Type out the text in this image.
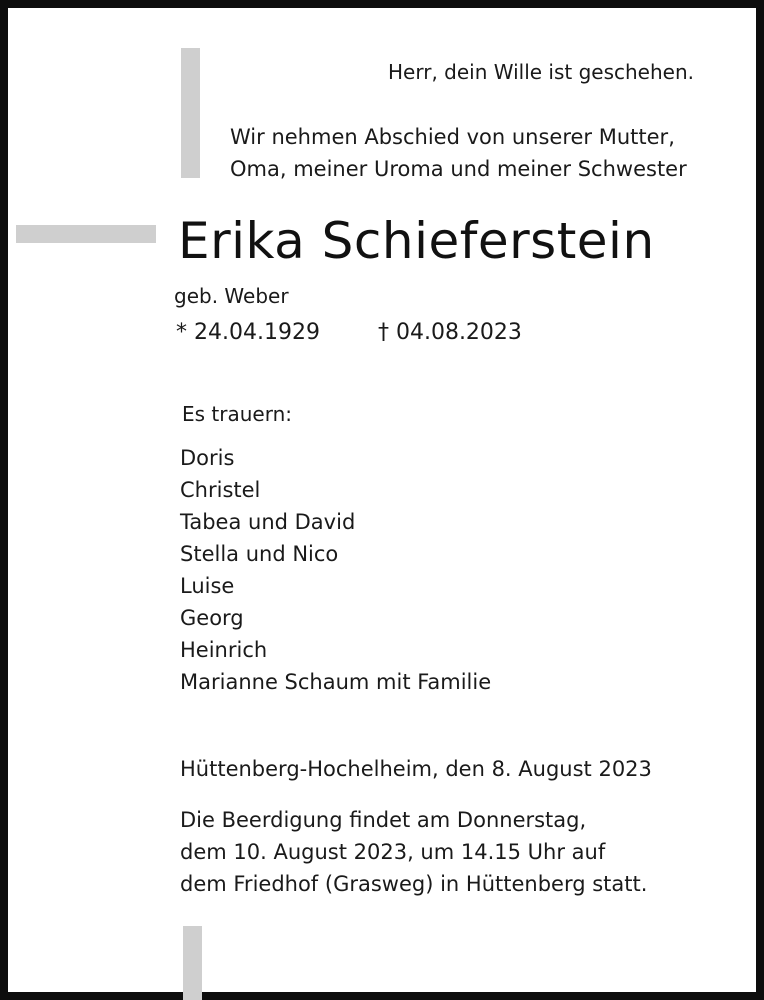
Herr, dein Wille ist geschehen.
Wir nehmen Abschied von unserer Mutter,
Oma, meiner Uroma und meiner Schwester
Erika Schieferstein
geb. Weber
* 24.04.1929	† 04.08.2023
Es trauern:
Doris
Christel
Tabea und David
Stella und Nico
Luise
Georg
Heinrich
Marianne Schaum mit Familie
Hüttenberg-Hochelheim, den 8. August 2023
Die Beerdigung findet am Donnerstag,
dem 10. August 2023, um 14.15 Uhr auf
dem Friedhof (Grasweg) in Hüttenberg statt.
